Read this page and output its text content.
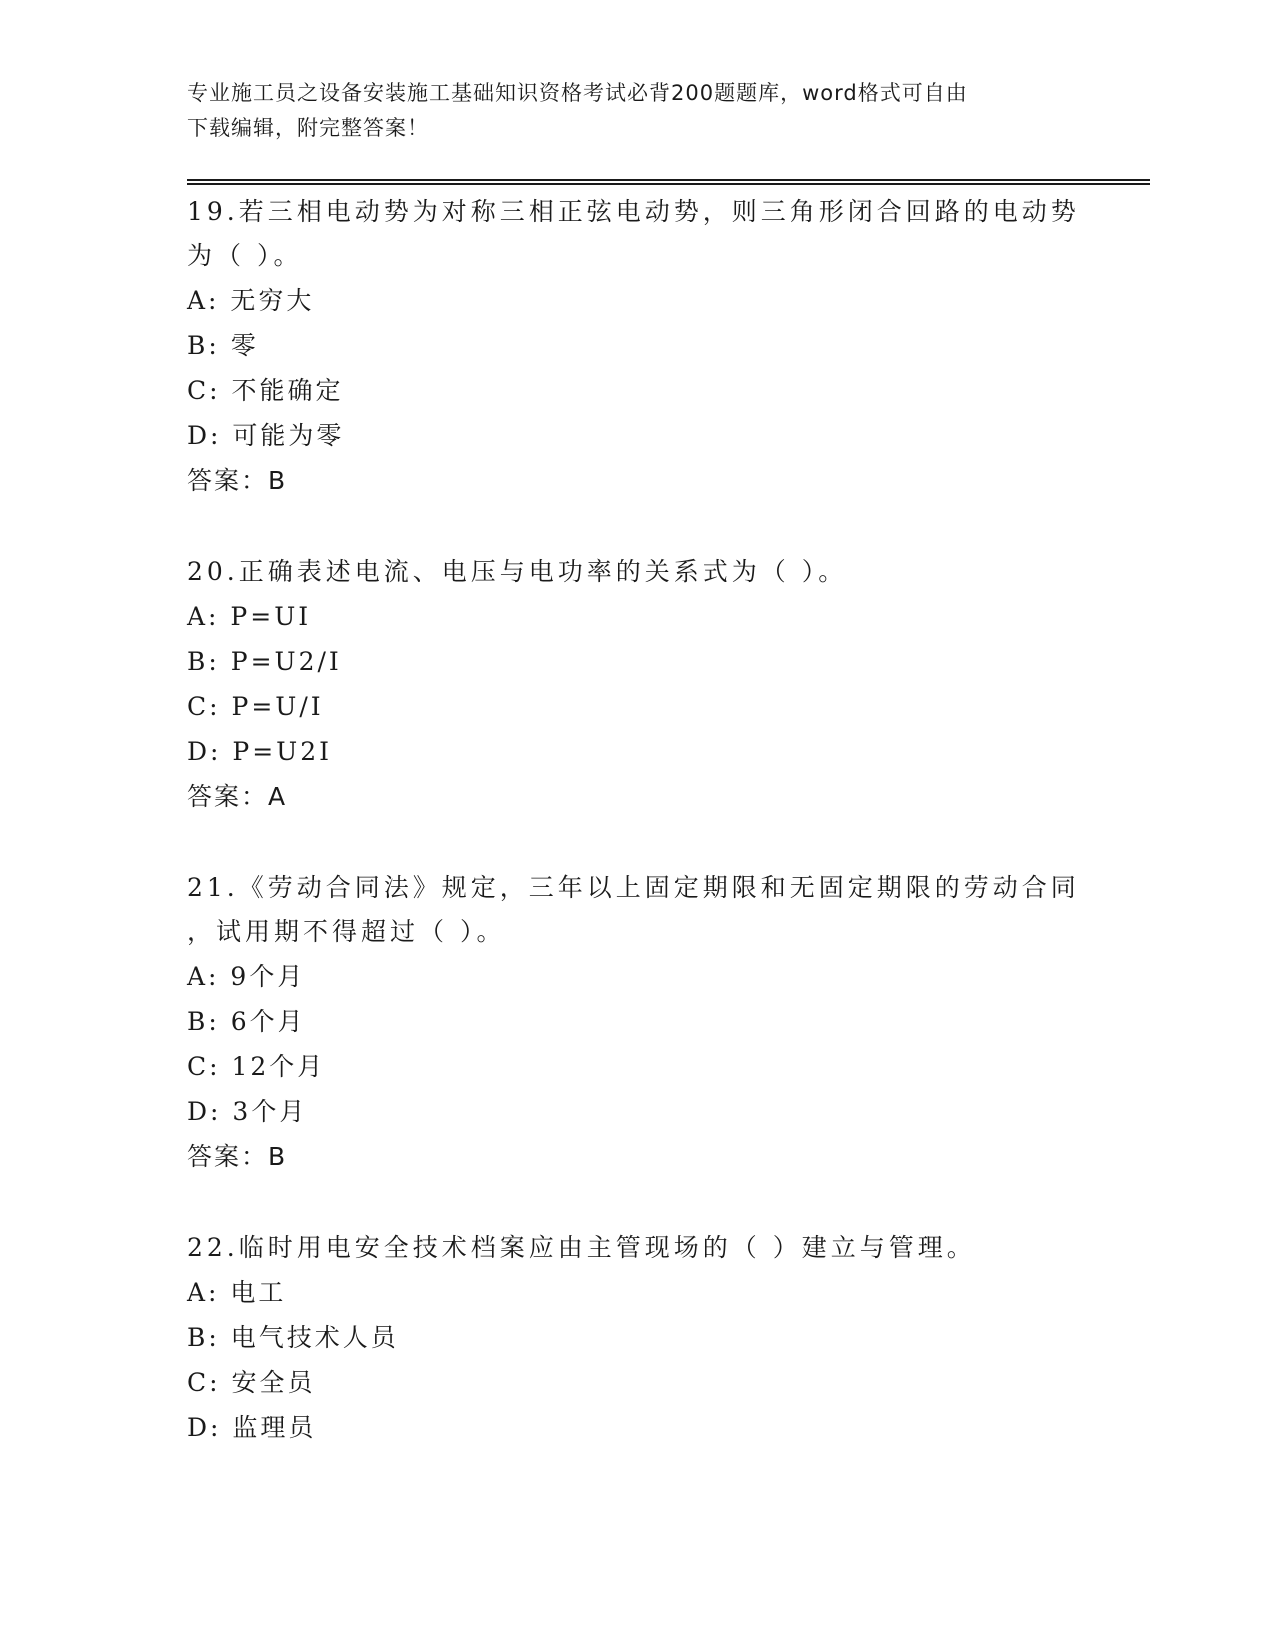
专业施工员之设备安装施工基础知识资格考试必背200题题库，word格式可自由
下载编辑，附完整答案！
19.若三相电动势为对称三相正弦电动势，则三角形闭合回路的电动势
为（ ）。
A: 无穷大
B: 零
C: 不能确定
D: 可能为零
答案：B
20.正确表述电流、电压与电功率的关系式为（ ）。
A: P=UI
B: P=U2/I
C: P=U/I
D: P=U2I
答案：A
21.《劳动合同法》规定，三年以上固定期限和无固定期限的劳动合同
，试用期不得超过（ ）。
A: 9个月
B: 6个月
C: 12个月
D: 3个月
答案：B
22.临时用电安全技术档案应由主管现场的（ ）建立与管理。
A: 电工
B: 电气技术人员
C: 安全员
D: 监理员
